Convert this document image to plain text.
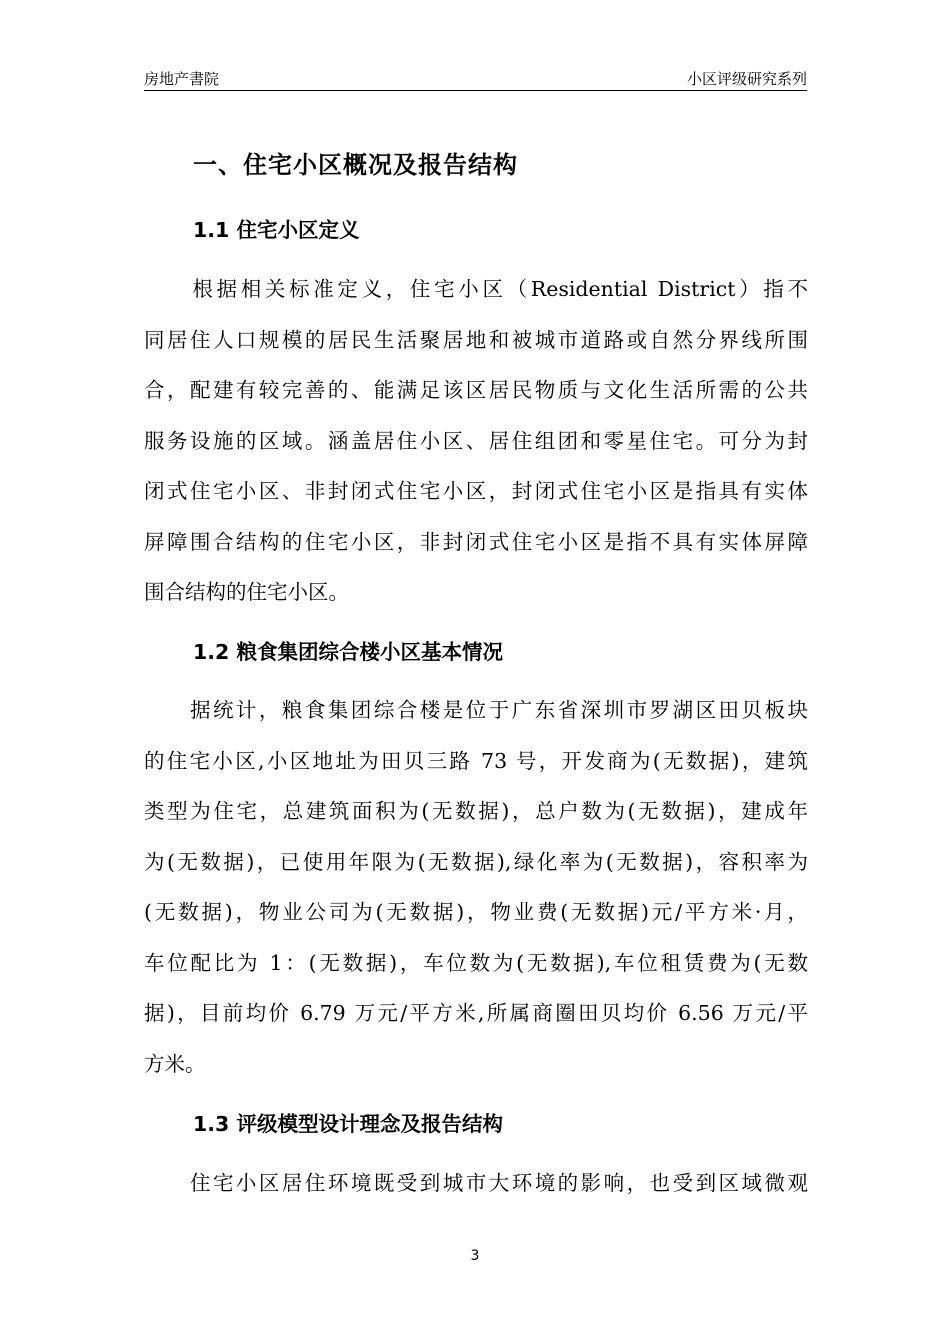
房地产書院	小区评级研究系列
一、住宅小区概况及报告结构
1.1 住宅小区定义
　　根据相关标准定义，住宅小区（Residential District）指不
同居住人口规模的居民生活聚居地和被城市道路或自然分界线所围
合，配建有较完善的、能满足该区居民物质与文化生活所需的公共
服务设施的区域。涵盖居住小区、居住组团和零星住宅。可分为封
闭式住宅小区、非封闭式住宅小区，封闭式住宅小区是指具有实体
屏障围合结构的住宅小区，非封闭式住宅小区是指不具有实体屏障
围合结构的住宅小区。
1.2 粮食集团综合楼小区基本情况
　　据统计，粮食集团综合楼是位于广东省深圳市罗湖区田贝板块
的住宅小区,小区地址为田贝三路 73 号，开发商为(无数据)，建筑
类型为住宅，总建筑面积为(无数据)，总户数为(无数据)，建成年
为(无数据)，已使用年限为(无数据),绿化率为(无数据)，容积率为
(无数据)，物业公司为(无数据)，物业费(无数据)元/平方米·月，
车位配比为 1：(无数据)，车位数为(无数据),车位租赁费为(无数
据)，目前均价 6.79 万元/平方米,所属商圈田贝均价 6.56 万元/平
方米。
1.3 评级模型设计理念及报告结构
　　住宅小区居住环境既受到城市大环境的影响，也受到区域微观
3
